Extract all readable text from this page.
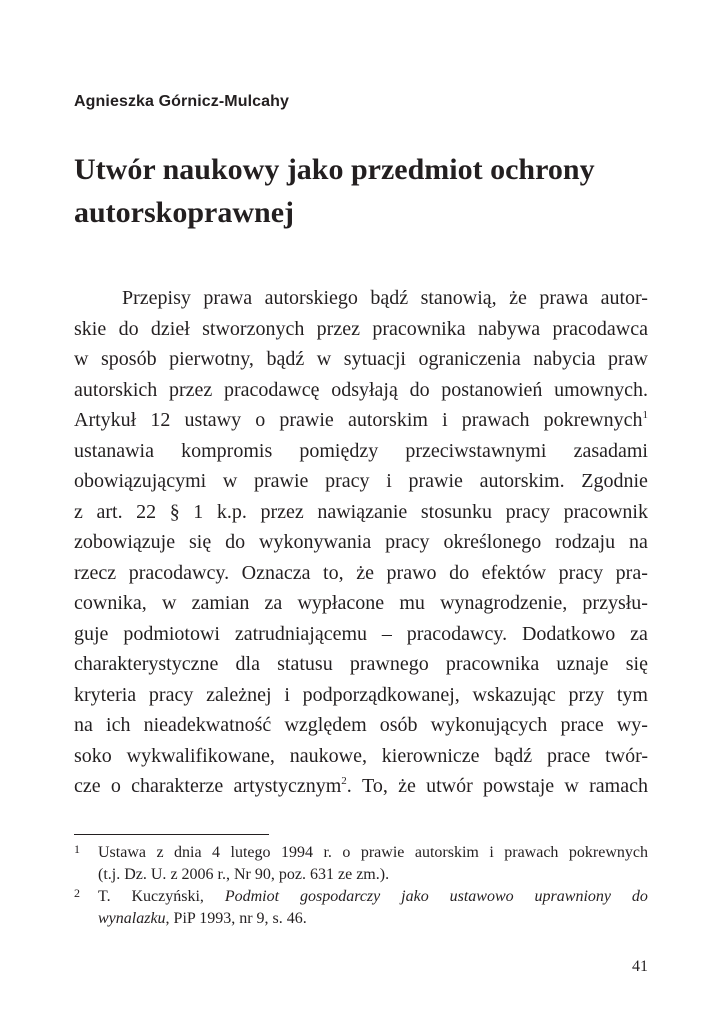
Agnieszka Górnicz-Mulcahy
Utwór naukowy jako przedmiot ochrony
autorskoprawnej
Przepisy prawa autorskiego bądź stanowią, że prawa autor-
skie do dzieł stworzonych przez pracownika nabywa pracodawca
w sposób pierwotny, bądź w sytuacji ograniczenia nabycia praw
autorskich przez pracodawcę odsyłają do postanowień umownych.
Artykuł 12 ustawy o prawie autorskim i prawach pokrewnych$^1$
ustanawia kompromis pomiędzy przeciwstawnymi zasadami
obowiązującymi w prawie pracy i prawie autorskim. Zgodnie
z art. 22 § 1 k.p. przez nawiązanie stosunku pracy pracownik
zobowiązuje się do wykonywania pracy określonego rodzaju na
rzecz pracodawcy. Oznacza to, że prawo do efektów pracy pra-
cownika, w zamian za wypłacone mu wynagrodzenie, przysłu-
guje podmiotowi zatrudniającemu – pracodawcy. Dodatkowo za
charakterystyczne dla statusu prawnego pracownika uznaje się
kryteria pracy zależnej i podporządkowanej, wskazując przy tym
na ich nieadekwatność względem osób wykonujących prace wy-
soko wykwalifikowane, naukowe, kierownicze bądź prace twór-
cze o charakterze artystycznym$^2$. To, że utwór powstaje w ramach
1 Ustawa z dnia 4 lutego 1994 r. o prawie autorskim i prawach pokrewnych
(t.j. Dz. U. z 2006 r., Nr 90, poz. 631 ze zm.).
2 T. Kuczyński, Podmiot gospodarczy jako ustawowo uprawniony do
wynalazku , PiP 1993, nr 9, s. 46.
41
